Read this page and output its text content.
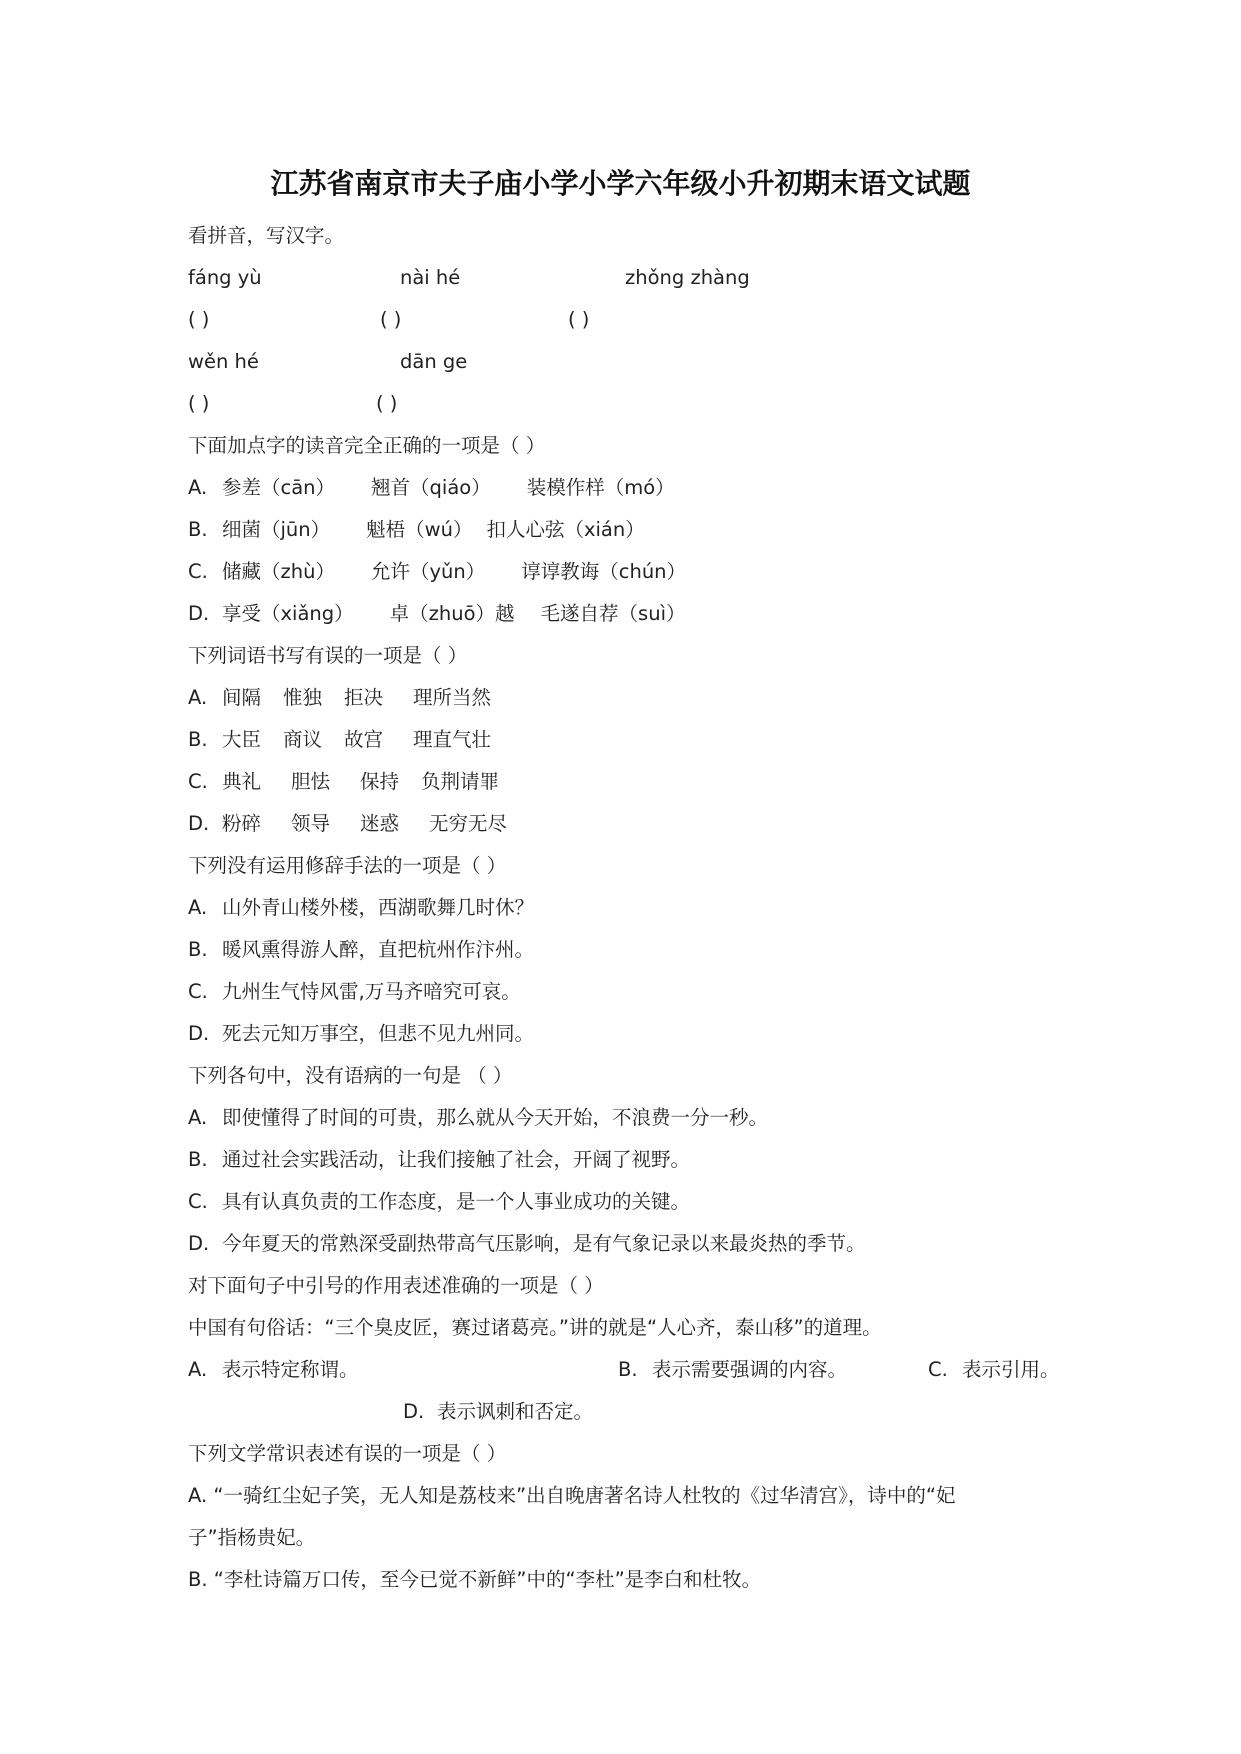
江苏省南京市夫子庙小学小学六年级小升初期末语文试题
看拼音，写汉字。
fáng yù	nài hé	zhǒng zhàng
( )	( )	( )
wěn hé	dān ge
( )	( )
下面加点字的读音完全正确的一项是（ ）
A. 参差（cān） 翘首（qiáo） 装模作样（mó）
B. 细菌（jūn） 魁梧（wú） 扣人心弦（xián）
C. 储藏（zhù） 允许（yǔn） 谆谆教诲（chún）
D. 享受（xiǎng） 卓（zhuō）越 毛遂自荐（suì）
下列词语书写有误的一项是（ ）
A. 间隔 惟独 拒决 理所当然
B. 大臣 商议 故宫 理直气壮
C. 典礼 胆怯 保持 负荆请罪
D. 粉碎 领导 迷惑 无穷无尽
下列没有运用修辞手法的一项是（ ）
A. 山外青山楼外楼，西湖歌舞几时休？
B. 暖风熏得游人醉，直把杭州作汴州。
C. 九州生气恃风雷,万马齐喑究可哀。
D. 死去元知万事空，但悲不见九州同。
下列各句中，没有语病的一句是 （ ）
A. 即使懂得了时间的可贵，那么就从今天开始，不浪费一分一秒。
B. 通过社会实践活动，让我们接触了社会，开阔了视野。
C. 具有认真负责的工作态度，是一个人事业成功的关键。
D. 今年夏天的常熟深受副热带高气压影响，是有气象记录以来最炎热的季节。
对下面句子中引号的作用表述准确的一项是（ ）
中国有句俗话：“三个臭皮匠，赛过诸葛亮。”讲的就是“人心齐，泰山移”的道理。
A. 表示特定称谓。	B. 表示需要强调的内容。	C. 表示引用。
D. 表示讽刺和否定。
下列文学常识表述有误的一项是（ ）
A. “一骑红尘妃子笑，无人知是荔枝来”出自晚唐著名诗人杜牧的《过华清宫》，诗中的“妃
子”指杨贵妃。
B. “李杜诗篇万口传，至今已觉不新鲜”中的“李杜”是李白和杜牧。
